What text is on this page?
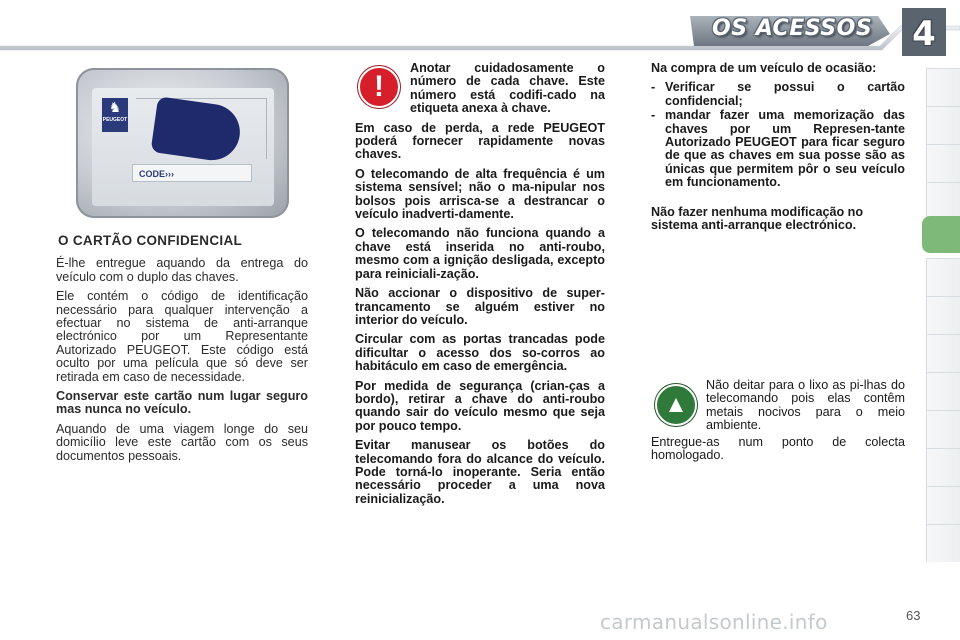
OS ACESSOS 4
♞
PEUGEOT
CODE›››
O CARTÃO CONFIDENCIAL

É-lhe entregue aquando da entrega do veículo com o duplo das chaves.

Ele contém o código de identificação necessário para qualquer intervenção a efectuar no sistema de anti-arranque electrónico por um Representante Autorizado PEUGEOT. Este código está oculto por uma película que só deve ser retirada em caso de necessidade.

Conservar este cartão num lugar seguro mas nunca no veículo.

Aquando de uma viagem longe do seu domicílio leve este cartão com os seus documentos pessoais.

!

Anotar cuidadosamente o número de cada chave. Este número está codifi-cado na etiqueta anexa à chave.

Em caso de perda, a rede PEUGEOT poderá fornecer rapidamente novas chaves.

O telecomando de alta frequência é um sistema sensível; não o ma-nipular nos bolsos pois arrisca-se a destrancar o veículo inadverti-damente.

O telecomando não funciona quando a chave está inserida no anti-roubo, mesmo com a ignição desligada, excepto para reiniciali-zação.

Não accionar o dispositivo de super-trancamento se alguém estiver no interior do veículo.

Circular com as portas trancadas pode dificultar o acesso dos so-corros ao habitáculo em caso de emergência.

Por medida de segurança (crian-ças a bordo), retirar a chave do anti-roubo quando sair do veículo mesmo que seja por pouco tempo.

Evitar manusear os botões do telecomando fora do alcance do veículo. Pode torná-lo inoperante. Seria então necessário proceder a uma nova reinicialização.

Na compra de um veículo de ocasião:

- Verificar se possui o cartão confidencial;
- mandar fazer uma memorização das chaves por um Represen-tante Autorizado PEUGEOT para ficar seguro de que as chaves em sua posse são as únicas que permitem pôr o seu veículo em funcionamento.

Não fazer nenhuma modificação no sistema anti-arranque electrónico.

▲

Não deitar para o lixo as pi-lhas do telecomando pois elas contêm metais nocivos para o meio ambiente.

Entregue-as num ponto de colecta homologado.

carmanualsonline.info	63
